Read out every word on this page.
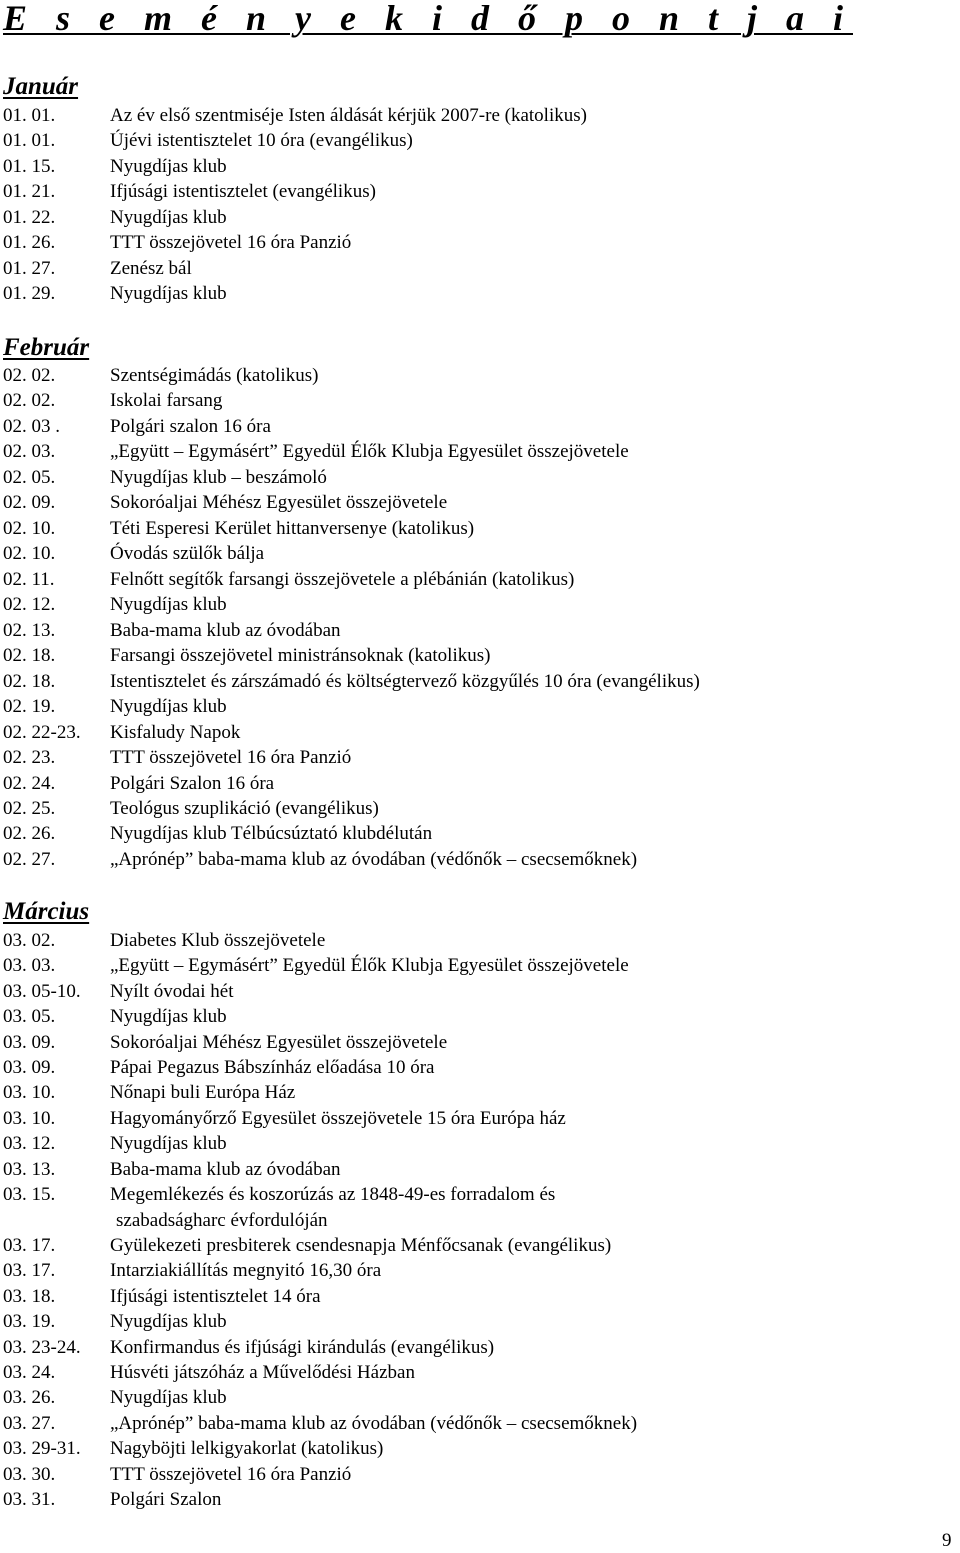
E s e m é n y e k i d ő p o n t j a i
Január
01. 01.	Az év első szentmiséje Isten áldását kérjük 2007-re (katolikus)
01. 01.	Újévi istentisztelet 10 óra (evangélikus)
01. 15.	Nyugdíjas klub
01. 21.	Ifjúsági istentisztelet (evangélikus)
01. 22.	Nyugdíjas klub
01. 26.	TTT összejövetel 16 óra Panzió
01. 27.	Zenész bál
01. 29.	Nyugdíjas klub
Február
02. 02.	Szentségimádás (katolikus)
02. 02.	Iskolai farsang
02. 03 .	Polgári szalon 16 óra
02. 03.	„Együtt – Egymásért” Egyedül Élők Klubja Egyesület összejövetele
02. 05.	Nyugdíjas klub – beszámoló
02. 09.	Sokoróaljai Méhész Egyesület összejövetele
02. 10.	Téti Esperesi Kerület hittanversenye (katolikus)
02. 10.	Óvodás szülők bálja
02. 11.	Felnőtt segítők farsangi összejövetele a plébánián (katolikus)
02. 12.	Nyugdíjas klub
02. 13.	Baba-mama klub az óvodában
02. 18.	Farsangi összejövetel ministránsoknak (katolikus)
02. 18.	Istentisztelet és zárszámadó és költségtervező közgyűlés 10 óra (evangélikus)
02. 19.	Nyugdíjas klub
02. 22-23. Kisfaludy Napok
02. 23.	TTT összejövetel 16 óra Panzió
02. 24.	Polgári Szalon 16 óra
02. 25.	Teológus szuplikáció (evangélikus)
02. 26.	Nyugdíjas klub Télbúcsúztató klubdélután
02. 27.	„Aprónép” baba-mama klub az óvodában (védőnők – csecsemőknek)
Március
03. 02.	Diabetes Klub összejövetele
03. 03.	„Együtt – Egymásért” Egyedül Élők Klubja Egyesület összejövetele
03. 05-10. Nyílt óvodai hét
03. 05.	Nyugdíjas klub
03. 09.	Sokoróaljai Méhész Egyesület összejövetele
03. 09.	Pápai Pegazus Bábszínház előadása 10 óra
03. 10.	Nőnapi buli Európa Ház
03. 10.	Hagyományőrző Egyesület összejövetele 15 óra Európa ház
03. 12.	Nyugdíjas klub
03. 13.	Baba-mama klub az óvodában
03. 15.	Megemlékezés és koszorúzás az 1848-49-es forradalom és
szabadságharc évfordulóján
03. 17.	Gyülekezeti presbiterek csendesnapja Ménfőcsanak (evangélikus)
03. 17.	Intarziakiállítás megnyitó 16,30 óra
03. 18.	Ifjúsági istentisztelet 14 óra
03. 19.	Nyugdíjas klub
03. 23-24. Konfirmandus és ifjúsági kirándulás (evangélikus)
03. 24.	Húsvéti játszóház a Művelődési Házban
03. 26.	Nyugdíjas klub
03. 27.	„Aprónép” baba-mama klub az óvodában (védőnők – csecsemőknek)
03. 29-31. Nagyböjti lelkigyakorlat (katolikus)
03. 30.	TTT összejövetel 16 óra Panzió
03. 31.	Polgári Szalon
9
